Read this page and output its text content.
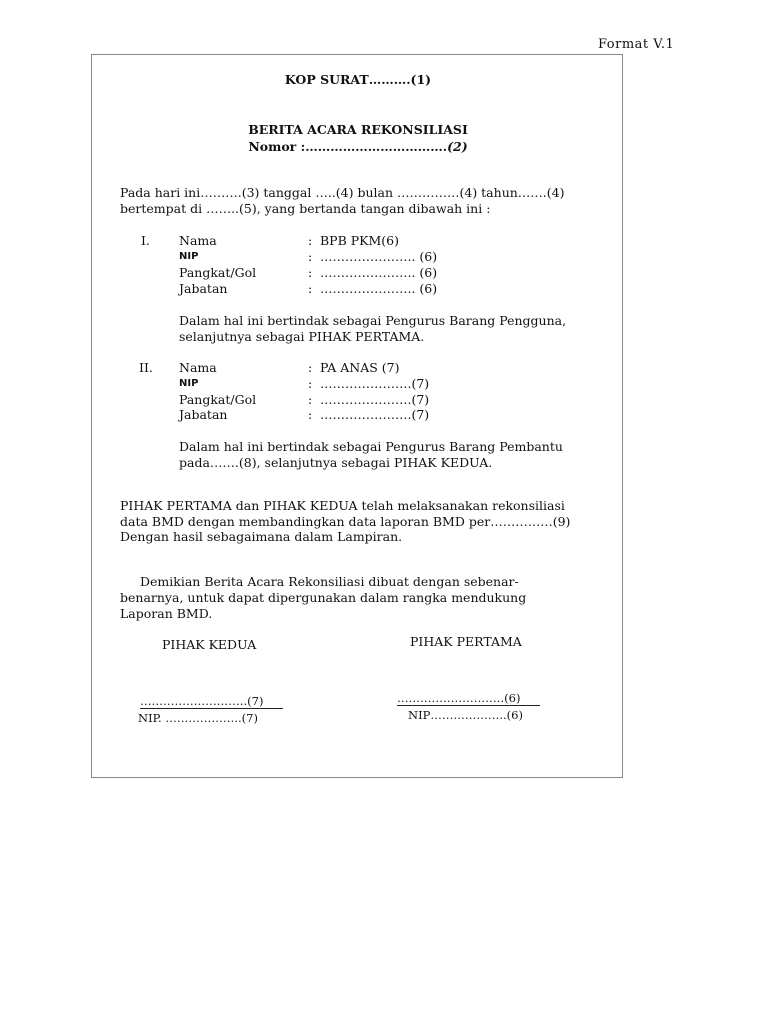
Format V.1
KOP SURAT……….(1)
BERITA ACARA REKONSILIASI
Nomor :…………………………….(2)
Pada hari ini……….(3) tanggal …..(4) bulan ……………(4) tahun…….(4)
bertempat di ……..(5), yang bertanda tangan dibawah ini :
I. Nama	: BPB PKM(6)
NIP	: ………………….. (6)
Pangkat/Gol	: ………………….. (6)
Jabatan	: ………………….. (6)
Dalam hal ini bertindak sebagai Pengurus Barang Pengguna,
selanjutnya sebagai PIHAK PERTAMA.
II. Nama	: PA ANAS (7)
NIP	: ………………….(7)
Pangkat/Gol	: ………………….(7)
Jabatan	: ………………….(7)
Dalam hal ini bertindak sebagai Pengurus Barang Pembantu
pada…….(8), selanjutnya sebagai PIHAK KEDUA.
PIHAK PERTAMA dan PIHAK KEDUA telah melaksanakan rekonsiliasi
data BMD dengan membandingkan data laporan BMD per……………(9)
Dengan hasil sebagaimana dalam Lampiran.
Demikian Berita Acara Rekonsiliasi dibuat dengan sebenar-
benarnya, untuk dapat dipergunakan dalam rangka mendukung
Laporan BMD.
PIHAK KEDUA	PIHAK PERTAMA
……………………….(7)
NIP. ………………..(7)
……………………….(6)
NIP………………..(6)
